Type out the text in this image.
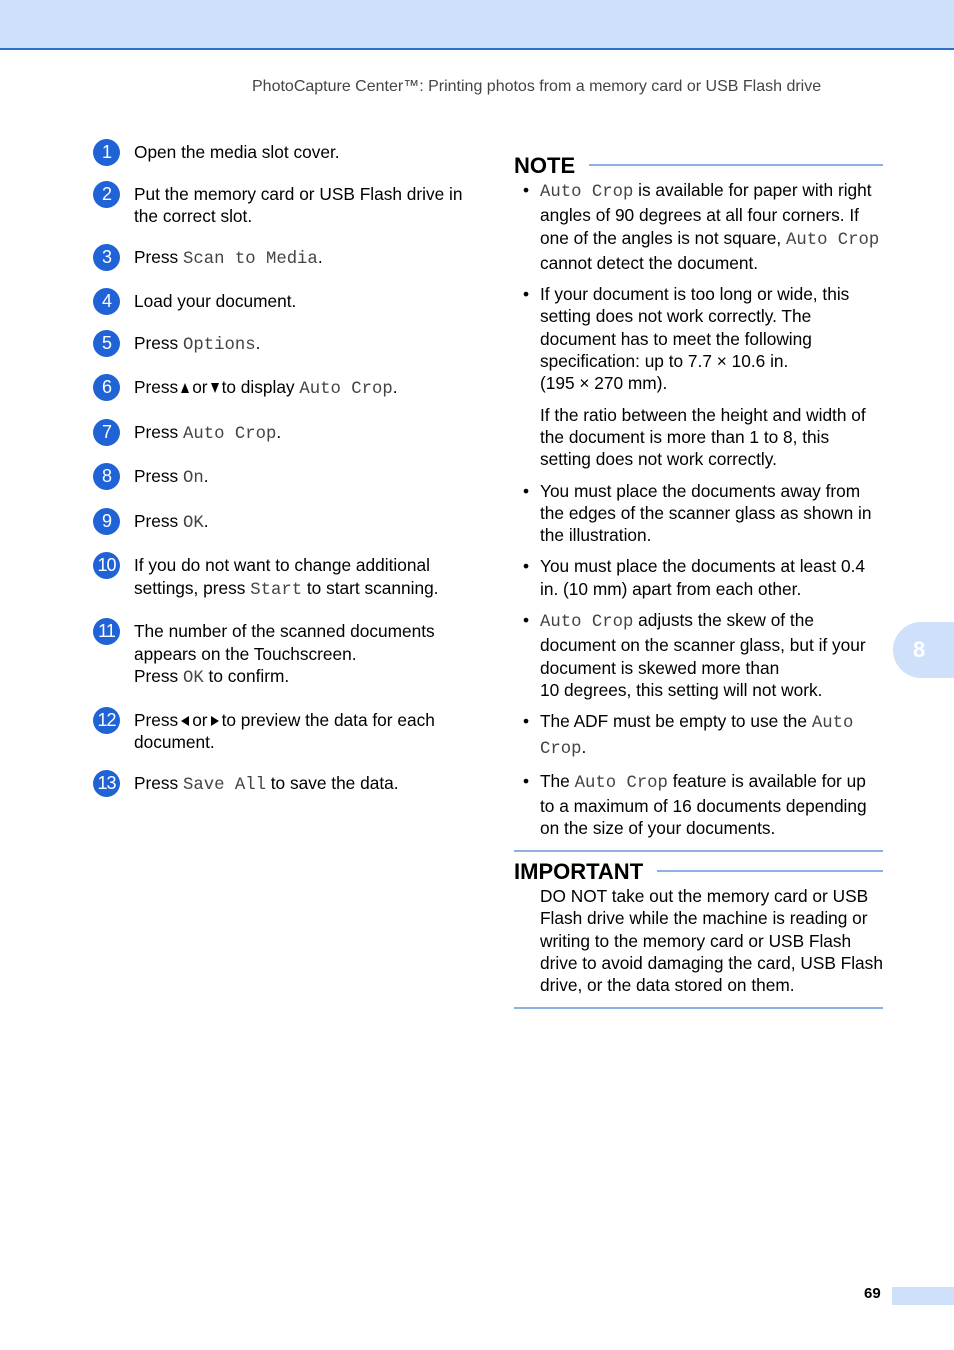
PhotoCapture Center™: Printing photos from a memory card or USB Flash drive
1	Open the media slot cover.
2	Put the memory card or USB Flash drive in the correct slot.
3	Press Scan to Media.
4	Load your document.
5	Press Options.
6	Press or to display Auto Crop.
7	Press Auto Crop.
8	Press On.
9	Press OK.
10 If you do not want to change additional settings, press Start to start scanning.
11 The number of the scanned documents appears on the Touchscreen.
Press OK to confirm.
12 Press or to preview the data for each document.
13 Press Save All to save the data.
NOTE
• Auto Crop is available for paper with right angles of 90 degrees at all four corners. If one of the angles is not square, Auto Crop cannot detect the document.
• If your document is too long or wide, this setting does not work correctly. The document has to meet the following specification: up to 7.7 × 10.6 in.
(195 × 270 mm).
If the ratio between the height and width of the document is more than 1 to 8, this setting does not work correctly.
• You must place the documents away from the edges of the scanner glass as shown in the illustration.
• You must place the documents at least 0.4 in. (10 mm) apart from each other.
• Auto Crop adjusts the skew of the document on the scanner glass, but if your document is skewed more than
10 degrees, this setting will not work.
• The ADF must be empty to use the Auto Crop.
• The Auto Crop feature is available for up to a maximum of 16 documents depending on the size of your documents.
IMPORTANT
DO NOT take out the memory card or USB Flash drive while the machine is reading or writing to the memory card or USB Flash drive to avoid damaging the card, USB Flash drive, or the data stored on them.
8
69
